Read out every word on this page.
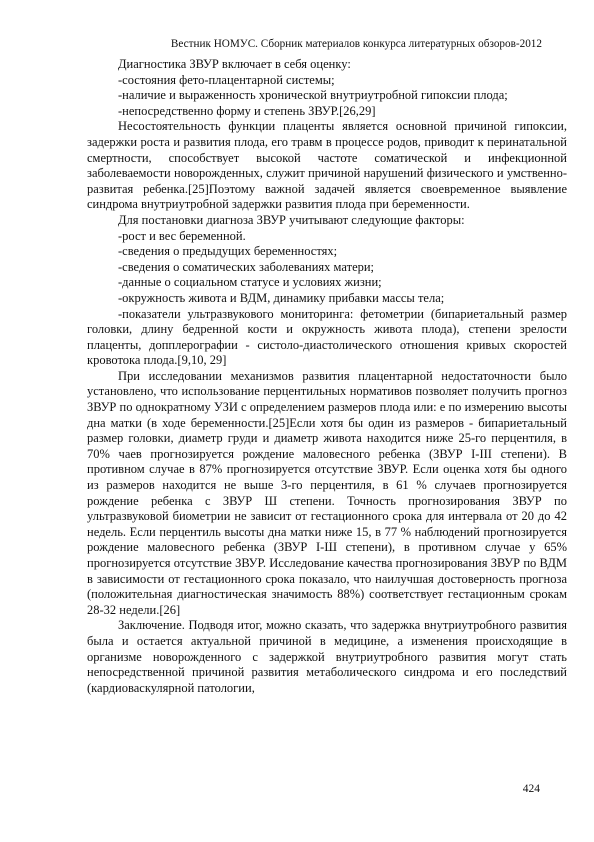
Вестник НОМУС. Сборник материалов конкурса литературных обзоров-2012

Диагностика ЗВУР включает в себя оценку:

-состояния фето-плацентарной системы;

-наличие и выраженность хронической внутриутробной гипоксии плода;

-непосредственно форму и степень ЗВУР.[26,29]

Несостоятельность функции плаценты является основной причиной гипоксии, задержки роста и развития плода, его травм в процессе родов, приводит к перинатальной смертности, способствует высокой частоте соматической и инфекционной заболеваемости новорожденных, служит причиной нарушений физического и умственно-развитая ребенка.[25]Поэтому важной задачей является своевременное выявление синдрома внутриутробной задержки развития плода при беременности.

Для постановки диагноза ЗВУР учитывают следующие факторы:

-рост и вес беременной.

-сведения о предыдущих беременностях;

-сведения о соматических заболеваниях матери;

-данные о социальном статусе и условиях жизни;

-окружность живота и ВДМ, динамику прибавки массы тела;

-показатели ультразвукового мониторинга: фетометрии (бипариетальный размер головки, длину бедренной кости и окружность живота плода), степени зрелости плаценты, допплерографии - систоло-диастолического отношения кривых скоростей кровотока плода.[9,10, 29]

При исследовании механизмов развития плацентарной недостаточности было установлено, что использование перцентильных нормативов позволяет получить прогноз ЗВУР по однократному УЗИ с определением размеров плода или: е по измерению высоты дна матки (в ходе беременности.[25]Если хотя бы один из размеров - бипариетальный размер головки, диаметр груди и диаметр живота находится ниже 25-го перцентиля, в 70% чаев прогнозируется рождение маловесного ребенка (ЗВУР I-III степени). В противном случае в 87% прогнозируется отсутствие ЗВУР. Если оценка хотя бы одного из размеров находится не выше 3-го перцентиля, в 61 % случаев прогнозируется рождение ребенка с ЗВУР Ш степени. Точность прогнозирования ЗВУР по ультразвуковой биометрии не зависит от гестационного срока для интервала от 20 до 42 недель. Если перцентиль высоты дна матки ниже 15, в 77 % наблюдений прогнозируется рождение маловесного ребенка (ЗВУР I-Ш степени), в противном случае у 65% прогнозируется отсутствие ЗВУР. Исследование качества прогнозирования ЗВУР по ВДМ в зависимости от гестационного срока показало, что наилучшая достоверность прогноза (положительная диагностическая значимость 88%) соответствует гестационным срокам 28-32 недели.[26]

Заключение. Подводя итог, можно сказать, что задержка внутриутробного развития была и остается актуальной причиной в медицине, а изменения происходящие в организме новорожденного с задержкой внутриутробного развития могут стать непосредственной причиной развития метаболического синдрома и его последствий (кардиоваскулярной патологии,

424
